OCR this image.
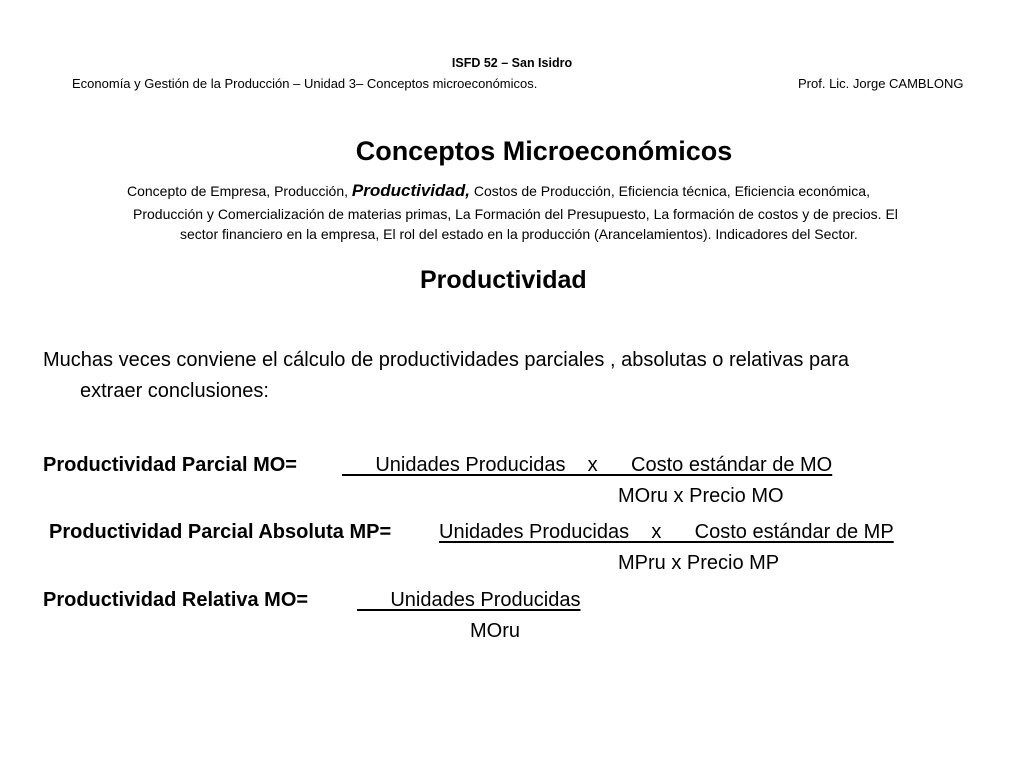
ISFD 52 – San Isidro
Economía y Gestión de la Producción – Unidad 3– Conceptos microeconómicos.	Prof. Lic. Jorge CAMBLONG
Conceptos Microeconómicos
Concepto de Empresa, Producción, Productividad, Costos de Producción, Eficiencia técnica, Eficiencia económica,
Producción y Comercialización de materias primas, La Formación del Presupuesto, La formación de costos y de precios. El
sector financiero en la empresa, El rol del estado en la producción (Arancelamientos). Indicadores del Sector.
Productividad
Muchas veces conviene el cálculo de productividades parciales , absolutas o relativas para
extraer conclusiones:
Productividad Parcial MO= Unidades Producidas    x      Costo estándar de MO
MOru x Precio MO
Productividad Parcial Absoluta MP= Unidades Producidas    x      Costo estándar de MP
MPru x Precio MP
Productividad Relativa MO= Unidades Producidas
MOru
